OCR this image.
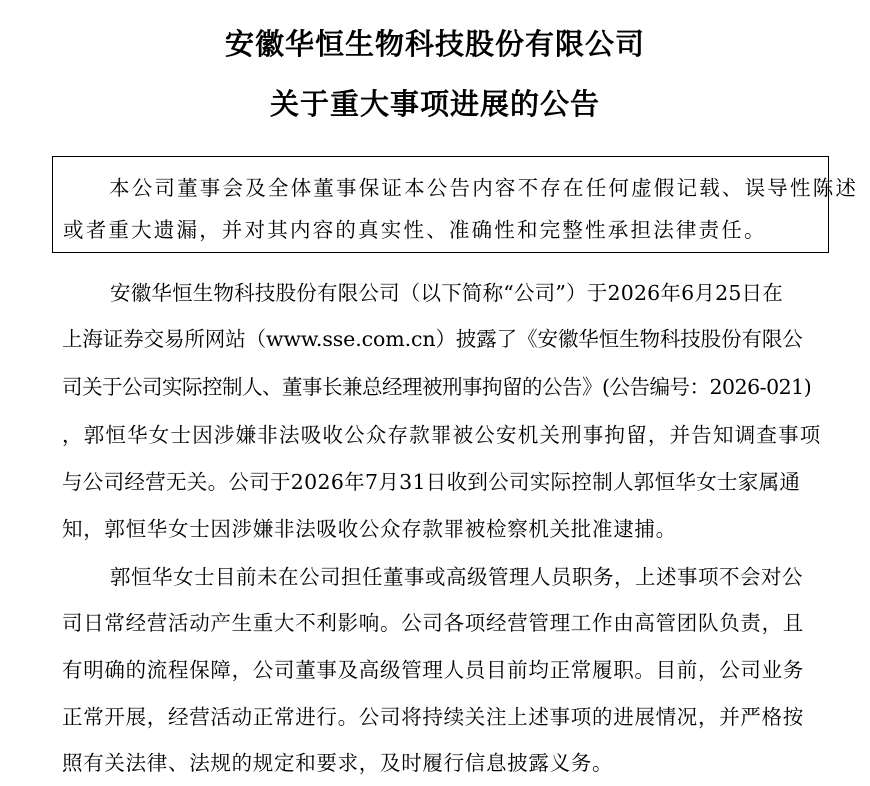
安徽华恒生物科技股份有限公司
关于重大事项进展的公告
本公司董事会及全体董事保证本公告内容不存在任何虚假记载、误导性陈述
或者重大遗漏，并对其内容的真实性、准确性和完整性承担法律责任。
安徽华恒生物科技股份有限公司（以下简称“公司”）于2026年6月25日在
上海证券交易所网站（www.sse.com.cn）披露了《安徽华恒生物科技股份有限公
司关于公司实际控制人、董事长兼总经理被刑事拘留的公告》(公告编号：2026-021)
，郭恒华女士因涉嫌非法吸收公众存款罪被公安机关刑事拘留，并告知调查事项
与公司经营无关。公司于2026年7月31日收到公司实际控制人郭恒华女士家属通
知，郭恒华女士因涉嫌非法吸收公众存款罪被检察机关批准逮捕。
郭恒华女士目前未在公司担任董事或高级管理人员职务，上述事项不会对公
司日常经营活动产生重大不利影响。公司各项经营管理工作由高管团队负责，且
有明确的流程保障，公司董事及高级管理人员目前均正常履职。目前，公司业务
正常开展，经营活动正常进行。公司将持续关注上述事项的进展情况，并严格按
照有关法律、法规的规定和要求，及时履行信息披露义务。
